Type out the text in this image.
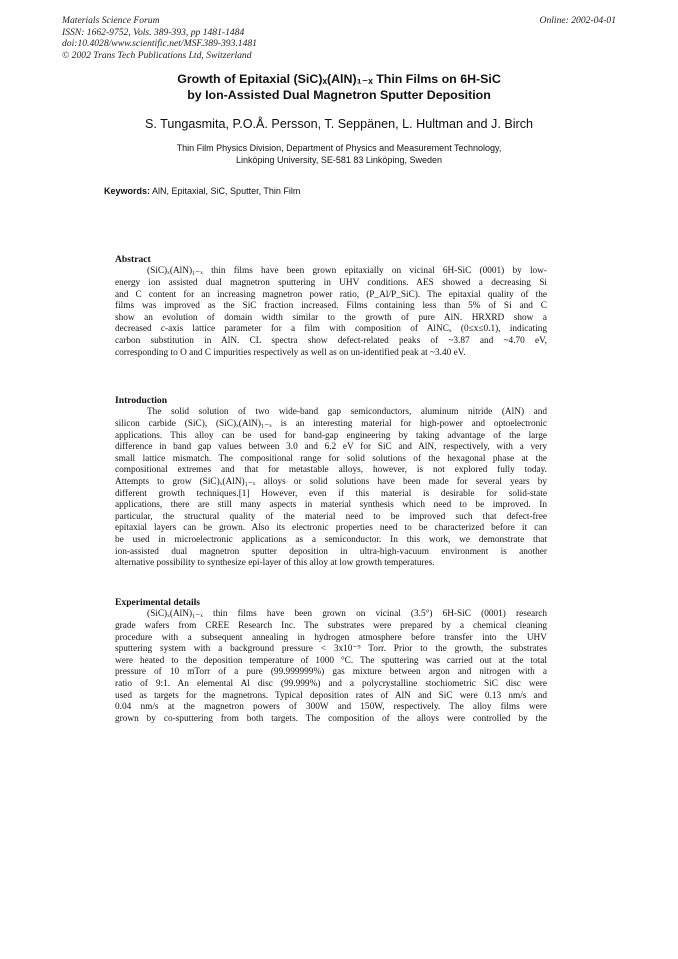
Materials Science Forum
ISSN: 1662-9752, Vols. 389-393, pp 1481-1484
doi:10.4028/www.scientific.net/MSF.389-393.1481
© 2002 Trans Tech Publications Ltd, Switzerland
Online: 2002-04-01
Growth of Epitaxial (SiC)ₓ(AlN)₁₋ₓ Thin Films on 6H-SiC
by Ion-Assisted Dual Magnetron Sputter Deposition
S. Tungasmita, P.O.Å. Persson, T. Seppänen, L. Hultman and J. Birch
Thin Film Physics Division, Department of Physics and Measurement Technology,
Linköping University, SE-581 83 Linköping, Sweden
Keywords: AlN, Epitaxial, SiC, Sputter, Thin Film
Abstract
(SiC)ₓ(AlN)₁₋ₓ thin films have been grown epitaxially on vicinal 6H-SiC (0001) by low-
energy ion assisted dual magnetron sputtering in UHV conditions. AES showed a decreasing Si
and C content for an increasing magnetron power ratio, (P_Al/P_SiC). The epitaxial quality of the
films was improved as the SiC fraction increased. Films containing less than 5% of Si and C
show an evolution of domain width similar to the growth of pure AlN. HRXRD show a
decreased c-axis lattice parameter for a film with composition of AlNCₓ (0≤x≤0.1), indicating
carbon substitution in AlN. CL spectra show defect-related peaks of ~3.87 and ~4.70 eV,
corresponding to O and C impurities respectively as well as on un-identified peak at ~3.40 eV.
Introduction
The solid solution of two wide-band gap semiconductors, aluminum nitride (AlN) and
silicon carbide (SiC), (SiC)ₓ(AlN)₁₋ₓ is an interesting material for high-power and optoelectronic
applications. This alloy can be used for band-gap engineering by taking advantage of the large
difference in band gap values between 3.0 and 6.2 eV for SiC and AlN, respectively, with a very
small lattice mismatch. The compositional range for solid solutions of the hexagonal phase at the
compositional extremes and that for metastable alloys, however, is not explored fully today.
Attempts to grow (SiC)ₓ(AlN)₁₋ₓ alloys or solid solutions have been made for several years by
different growth techniques.[1] However, even if this material is desirable for solid-state
applications, there are still many aspects in material synthesis which need to be improved. In
particular, the structural quality of the material need to be improved such that defect-free
epitaxial layers can be grown. Also its electronic properties need to be characterized before it can
be used in microelectronic applications as a semiconductor. In this work, we demonstrate that
ion-assisted dual magnetron sputter deposition in ultra-high-vacuum environment is another
alternative possibility to synthesize epi-layer of this alloy at low growth temperatures.
Experimental details
(SiC)ₓ(AlN)₁₋ₓ thin films have been grown on vicinal (3.5°) 6H-SiC (0001) research
grade wafers from CREE Research Inc. The substrates were prepared by a chemical cleaning
procedure with a subsequent annealing in hydrogen atmosphere before transfer into the UHV
sputtering system with a background pressure < 3x10⁻⁹ Torr. Prior to the growth, the substrates
were heated to the deposition temperature of 1000 °C. The sputtering was carried out at the total
pressure of 10 mTorr of a pure (99.999999%) gas mixture between argon and nitrogen with a
ratio of 9:1. An elemental Al disc (99.999%) and a polycrystalline stochiometric SiC disc were
used as targets for the magnetrons. Typical deposition rates of AlN and SiC were 0.13 nm/s and
0.04 nm/s at the magnetron powers of 300W and 150W, respectively. The alloy films were
grown by co-sputtering from both targets. The composition of the alloys were controlled by the
